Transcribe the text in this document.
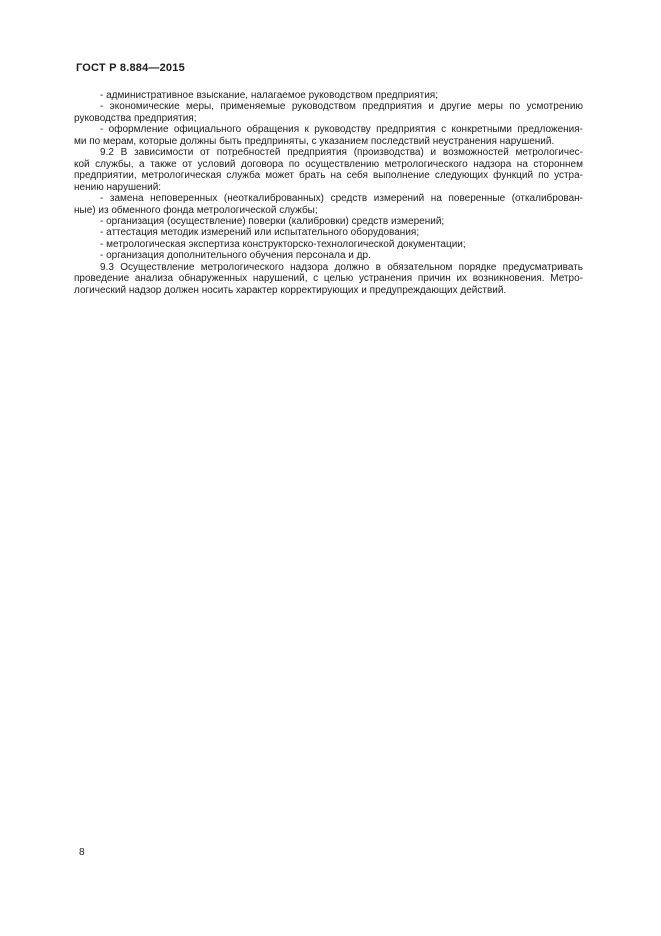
ГОСТ Р 8.884—2015
- административное взыскание, налагаемое руководством предприятия;
- экономические меры, применяемые руководством предприятия и другие меры по усмотрению
руководства предприятия;
- оформление официального обращения к руководству предприятия с конкретными предложения-
ми по мерам, которые должны быть предприняты, с указанием последствий неустранения нарушений.
9.2 В зависимости от потребностей предприятия (производства) и возможностей метрологичес-
кой службы, а также от условий договора по осуществлению метрологического надзора на стороннем
предприятии, метрологическая служба может брать на себя выполнение следующих функций по устра-
нению нарушений:
- замена неповеренных (неоткалиброванных) средств измерений на поверенные (откалиброван-
ные) из обменного фонда метрологической службы;
- организация (осуществление) поверки (калибровки) средств измерений;
- аттестация методик измерений или испытательного оборудования;
- метрологическая экспертиза конструкторско-технологической документации;
- организация дополнительного обучения персонала и др.
9.3 Осуществление метрологического надзора должно в обязательном порядке предусматривать
проведение анализа обнаруженных нарушений, с целью устранения причин их возникновения. Метро-
логический надзор должен носить характер корректирующих и предупреждающих действий.
8
